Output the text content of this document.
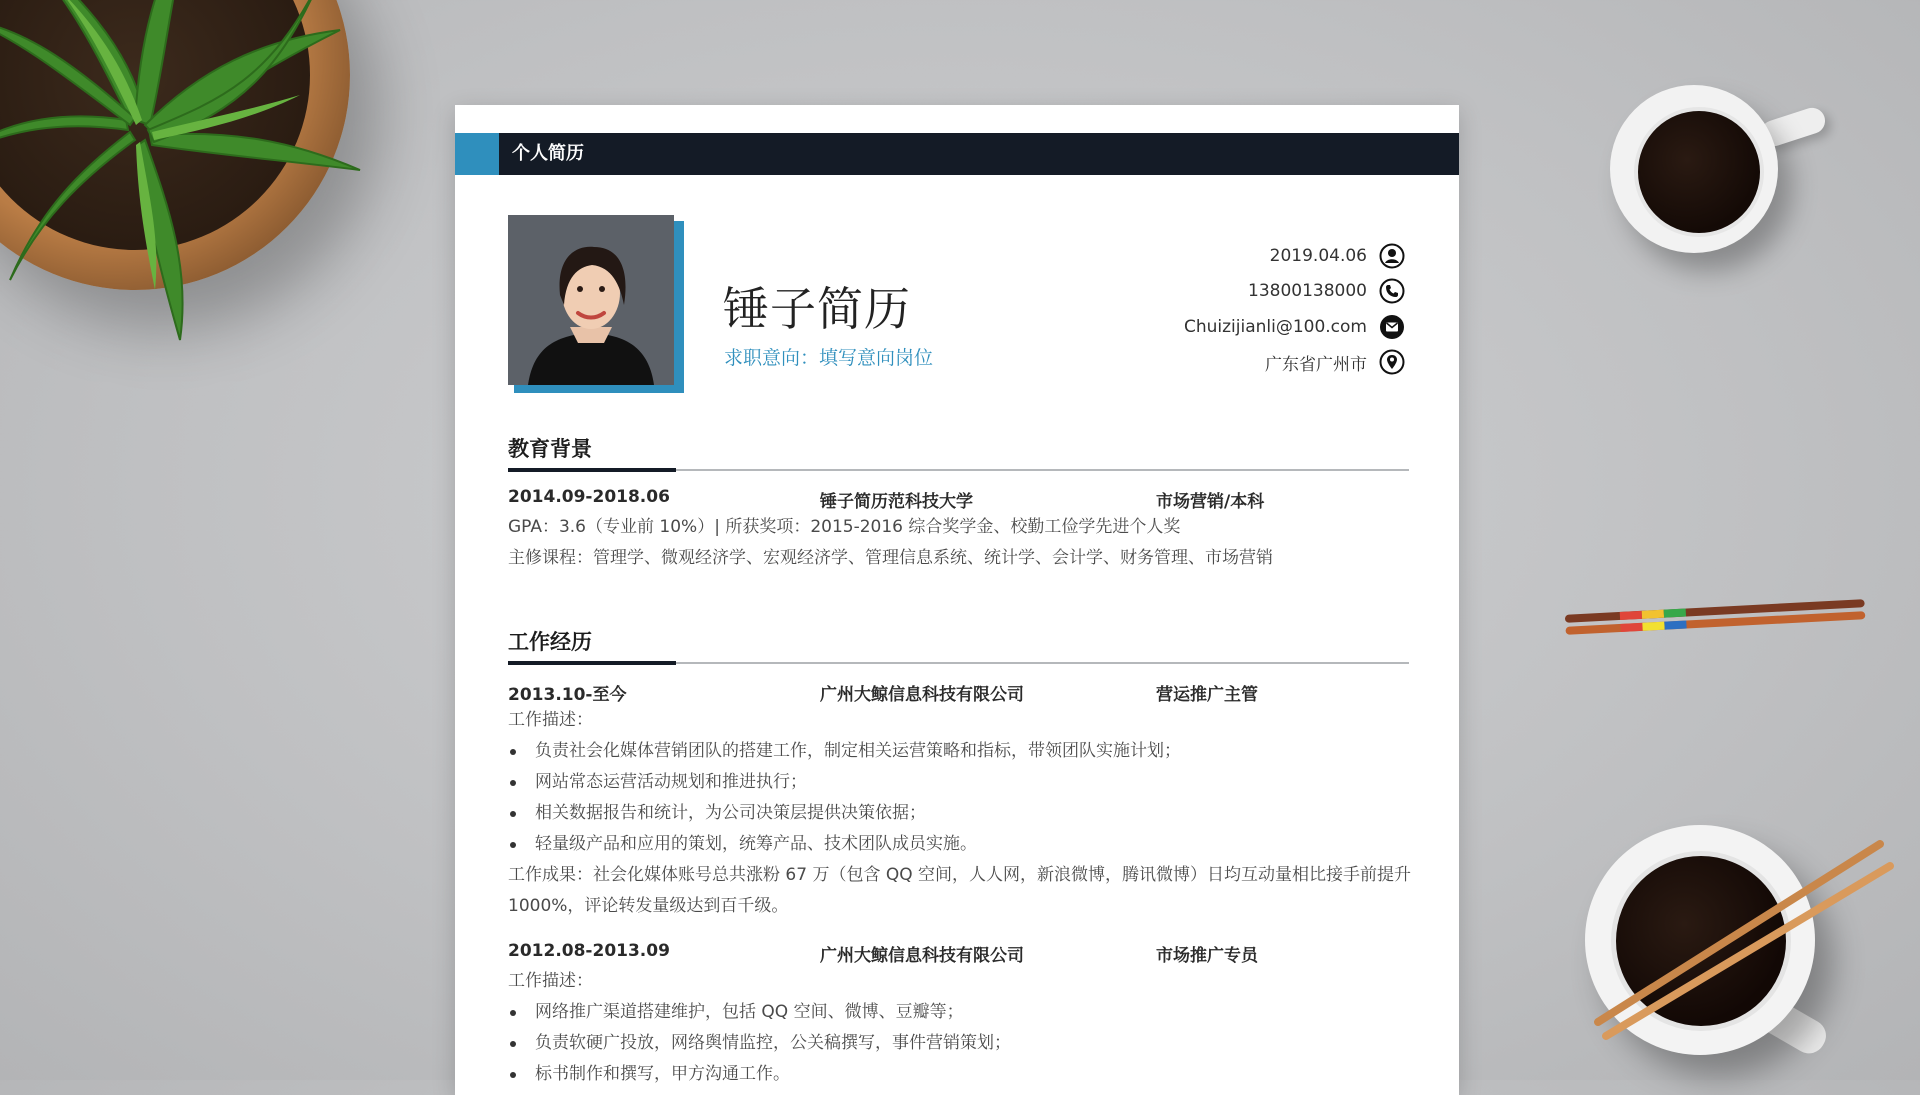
个人简历
锤子简历
求职意向：填写意向岗位
2019.04.06
13800138000
Chuizijianli@100.com
广东省广州市
教育背景
2014.09-2018.06	锤子简历范科技大学	市场营销/本科
GPA：3.6（专业前 10%）| 所获奖项：2015-2016 综合奖学金、校勤工俭学先进个人奖
主修课程：管理学、微观经济学、宏观经济学、管理信息系统、统计学、会计学、财务管理、市场营销
工作经历
2013.10-至今	广州大鲸信息科技有限公司	营运推广主管
工作描述：
负责社会化媒体营销团队的搭建工作，制定相关运营策略和指标，带领团队实施计划；
网站常态运营活动规划和推进执行；
相关数据报告和统计，为公司决策层提供决策依据；
轻量级产品和应用的策划，统筹产品、技术团队成员实施。
工作成果：社会化媒体账号总共涨粉 67 万（包含 QQ 空间，人人网，新浪微博，腾讯微博）日均互动量相比接手前提升 1000%，评论转发量级达到百千级。
2012.08-2013.09	广州大鲸信息科技有限公司	市场推广专员
工作描述：
网络推广渠道搭建维护，包括 QQ 空间、微博、豆瓣等；
负责软硬广投放，网络舆情监控，公关稿撰写，事件营销策划；
标书制作和撰写，甲方沟通工作。
